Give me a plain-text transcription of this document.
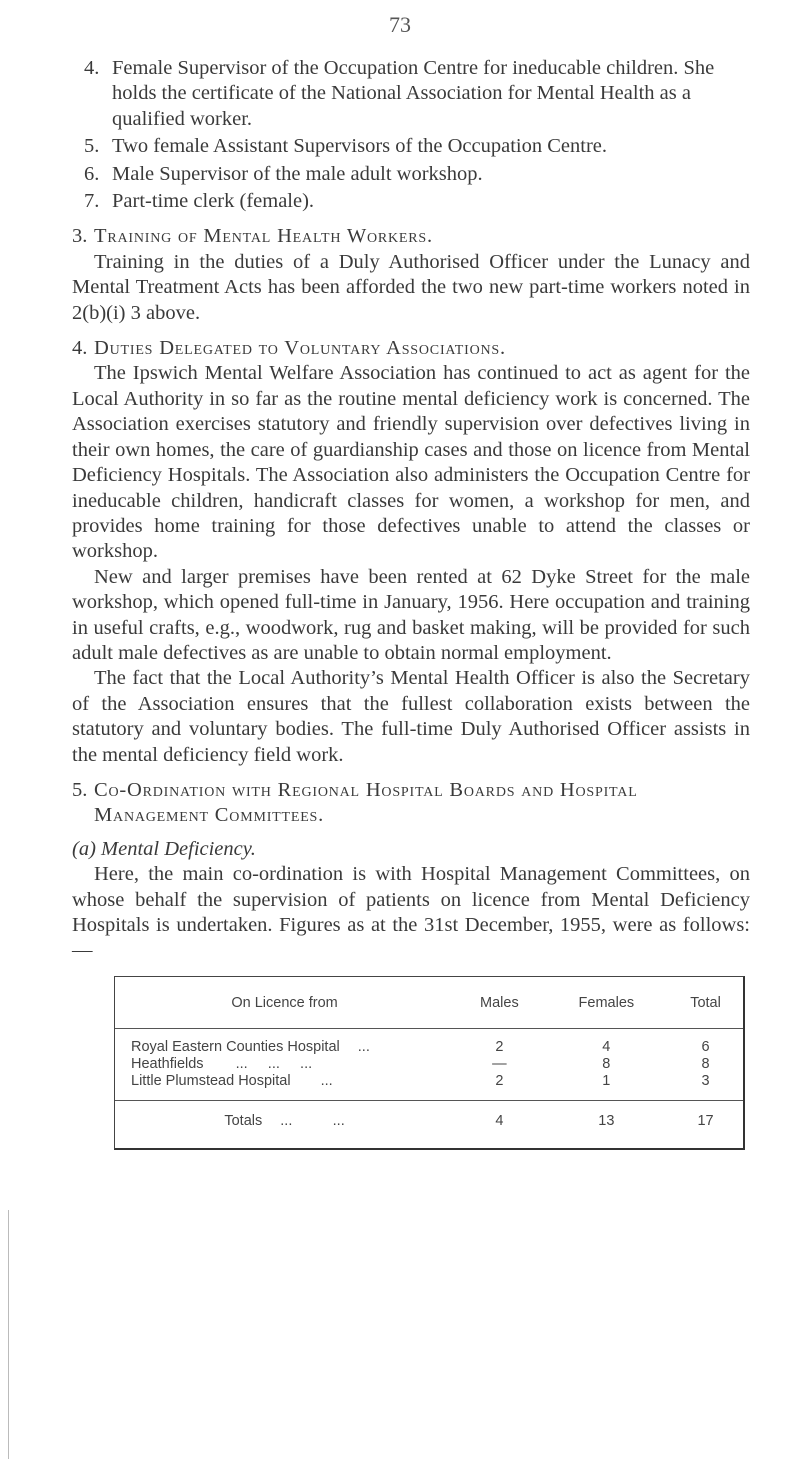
73
4. Female Supervisor of the Occupation Centre for ineducable children. She holds the certificate of the National Association for Mental Health as a qualified worker.
5. Two female Assistant Supervisors of the Occupation Centre.
6. Male Supervisor of the male adult workshop.
7. Part-time clerk (female).
3. Training of Mental Health Workers.

Training in the duties of a Duly Authorised Officer under the Lunacy and Mental Treatment Acts has been afforded the two new part-time workers noted in 2(b)(i) 3 above.

4. Duties Delegated to Voluntary Associations.

The Ipswich Mental Welfare Association has continued to act as agent for the Local Authority in so far as the routine mental deficiency work is concerned. The Association exercises statutory and friendly supervision over defectives living in their own homes, the care of guardianship cases and those on licence from Mental Deficiency Hospitals. The Association also administers the Occupation Centre for ineducable children, handicraft classes for women, a workshop for men, and provides home training for those defectives unable to attend the classes or workshop.

New and larger premises have been rented at 62 Dyke Street for the male workshop, which opened full-time in January, 1956. Here occupation and training in useful crafts, e.g., woodwork, rug and basket making, will be provided for such adult male defectives as are unable to obtain normal employment.

The fact that the Local Authority’s Mental Health Officer is also the Secretary of the Association ensures that the fullest collaboration exists between the statutory and voluntary bodies. The full-time Duly Authorised Officer assists in the mental deficiency field work.

5. Co-Ordination with Regional Hospital Boards and Hospital Management Committees.
(a) Mental Deficiency.

Here, the main co-ordination is with Hospital Management Committees, on whose behalf the supervision of patients on licence from Mental Deficiency Hospitals is undertaken. Figures as at the 31st December, 1955, were as follows:—

On Licence from	Males	Females	Total
Royal Eastern Counties Hospital ...	2	4	6
Heathfields ...     ...     ...	—	8	8
Little Plumstead Hospital ...	2	1	3
Totals ...          ...	4	13	17
